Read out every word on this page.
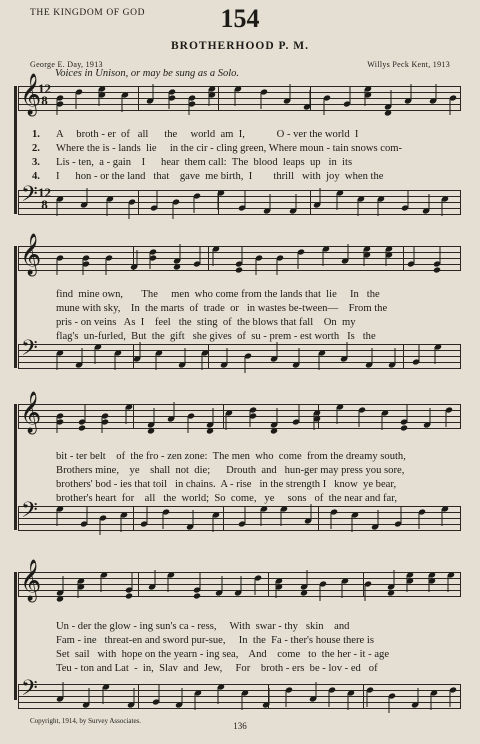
THE KINGDOM OF GOD	154
BROTHERHOOD P. M.
George E. Day, 1913	Willys Peck Kent, 1913
Voices in Unison, or may be sung as a Solo.
𝄞
12
8
1. A     broth - er  of   all      the     world  am  I,            O - ver the world  I
2. Where the is - lands  lie     in the cir - cling green, Where moun - tain snows com-
3. Lis - ten,  a - gain    I      hear  them call:  The  blood  leaps  up   in  its
4. I      hon - or the land   that    gave  me birth,  I        thrill   with  joy  when the
𝄢 12
8
𝄞
find  mine own,       The     men  who come from the lands that  lie     In   the
mune with sky,    In  the marts  of  trade  or   in wastes be-tween—    From the
pris - on veins   As  I    feel   the  sting  of  the blows that fall    On  my
flag's  un-furled,  But  the  gift   she gives  of  su - prem - est worth   Is   the
𝄢
𝄞
bit - ter belt    of  the fro - zen zone:  The men  who  come  from the dreamy south,
Brothers mine,    ye    shall  not  die;      Drouth  and   hun-ger may press you sore,
brothers' bod - ies that toil   in chains.  A - rise   in the strength I   know  ye bear,
brother's heart  for    all   the  world;  So  come,   ye     sons   of  the near and far,
𝄢
𝄞
Un - der the glow - ing sun's ca - ress,     With  swar - thy   skin    and
Fam - ine   threat-en and sword pur-sue,     In  the  Fa - ther's house there is
Set  sail   with  hope on the yearn - ing sea,    And    come   to  the her - it - age
Teu - ton and Lat  -  in,  Slav  and  Jew,     For    broth - ers  be - lov - ed   of
𝄢
Copyright, 1914, by Survey Associates.	136
